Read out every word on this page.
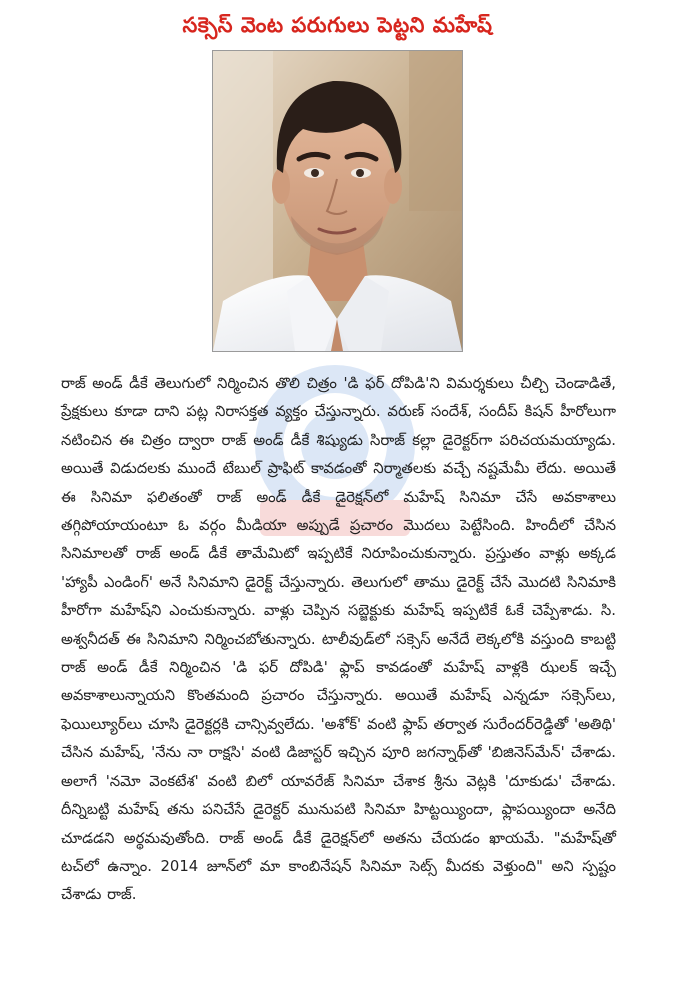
సక్సెస్ వెంట పరుగులు పెట్టని మహేష్

రాజ్ అండ్ డీకే తెలుగులో నిర్మించిన తొలి చిత్రం 'డి ఫర్ దోపిడి'ని విమర్శకులు చీల్చి చెండాడితే, ప్రేక్షకులు కూడా దాని పట్ల నిరాసక్తత వ్యక్తం చేస్తున్నారు. వరుణ్ సందేశ్, సందీప్ కిషన్ హీరోలుగా నటించిన ఈ చిత్రం ద్వారా రాజ్ అండ్ డీకే శిష్యుడు సిరాజ్ కల్లా డైరెక్టర్‌గా పరిచయమయ్యాడు. అయితే విడుదలకు ముందే టేబుల్ ప్రాఫిట్ కావడంతో నిర్మాతలకు వచ్చే నష్టమేమీ లేదు. అయితే ఈ సినిమా ఫలితంతో రాజ్ అండ్ డీకే డైరెక్షన్‌లో మహేష్ సినిమా చేసే అవకాశాలు తగ్గిపోయాయంటూ ఓ వర్గం మీడియా అప్పుడే ప్రచారం మొదలు పెట్టేసింది. హిందీలో చేసిన సినిమాలతో రాజ్ అండ్ డీకే తామేమిటో ఇప్పటికే నిరూపించుకున్నారు. ప్రస్తుతం వాళ్లు అక్కడ 'హ్యాపీ ఎండింగ్' అనే సినిమాని డైరెక్ట్ చేస్తున్నారు. తెలుగులో తాము డైరెక్ట్ చేసే మొదటి సినిమాకి హీరోగా మహేష్‌ని ఎంచుకున్నారు. వాళ్లు చెప్పిన సబ్జెక్టుకు మహేష్ ఇప్పటికే ఓకే చెప్పేశాడు. సి. అశ్వనీదత్ ఈ సినిమాని నిర్మించబోతున్నారు. టాలీవుడ్‌లో సక్సెస్ అనేదే లెక్కలోకి వస్తుంది కాబట్టి రాజ్ అండ్ డీకే నిర్మించిన 'డి ఫర్ దోపిడి' ఫ్లాప్ కావడంతో మహేష్ వాళ్లకి ఝలక్ ఇచ్చే అవకాశాలున్నాయని కొంతమంది ప్రచారం చేస్తున్నారు. అయితే మహేష్ ఎన్నడూ సక్సెస్‌లు, ఫెయిల్యూర్‌లు చూసి డైరెక్టర్లకి చాన్సివ్వలేదు. 'అశోక్' వంటి ఫ్లాప్ తర్వాత సురేందర్‌రెడ్డితో 'అతిథి' చేసిన మహేష్, 'నేను నా రాక్షసి' వంటి డిజాస్టర్ ఇచ్చిన పూరి జగన్నాథ్‌తో 'బిజినెస్‌మేన్' చేశాడు. అలాగే 'నమో వెంకటేశ' వంటి బిలో యావరేజ్ సినిమా చేశాక శ్రీను వెట్లకి 'దూకుడు' చేశాడు. దీన్నిబట్టి మహేష్ తను పనిచేసే డైరెక్టర్ మునుపటి సినిమా హిట్టయ్యిందా, ఫ్లాపయ్యిందా అనేది చూడడని అర్థమవుతోంది. రాజ్ అండ్ డీకే డైరెక్షన్‌లో అతను చేయడం ఖాయమే. "మహేష్‌తో టచ్‌లో ఉన్నాం. 2014 జూన్‌లో మా కాంబినేషన్ సినిమా సెట్స్ మీదకు వెళ్తుంది" అని స్పష్టం చేశాడు రాజ్.
